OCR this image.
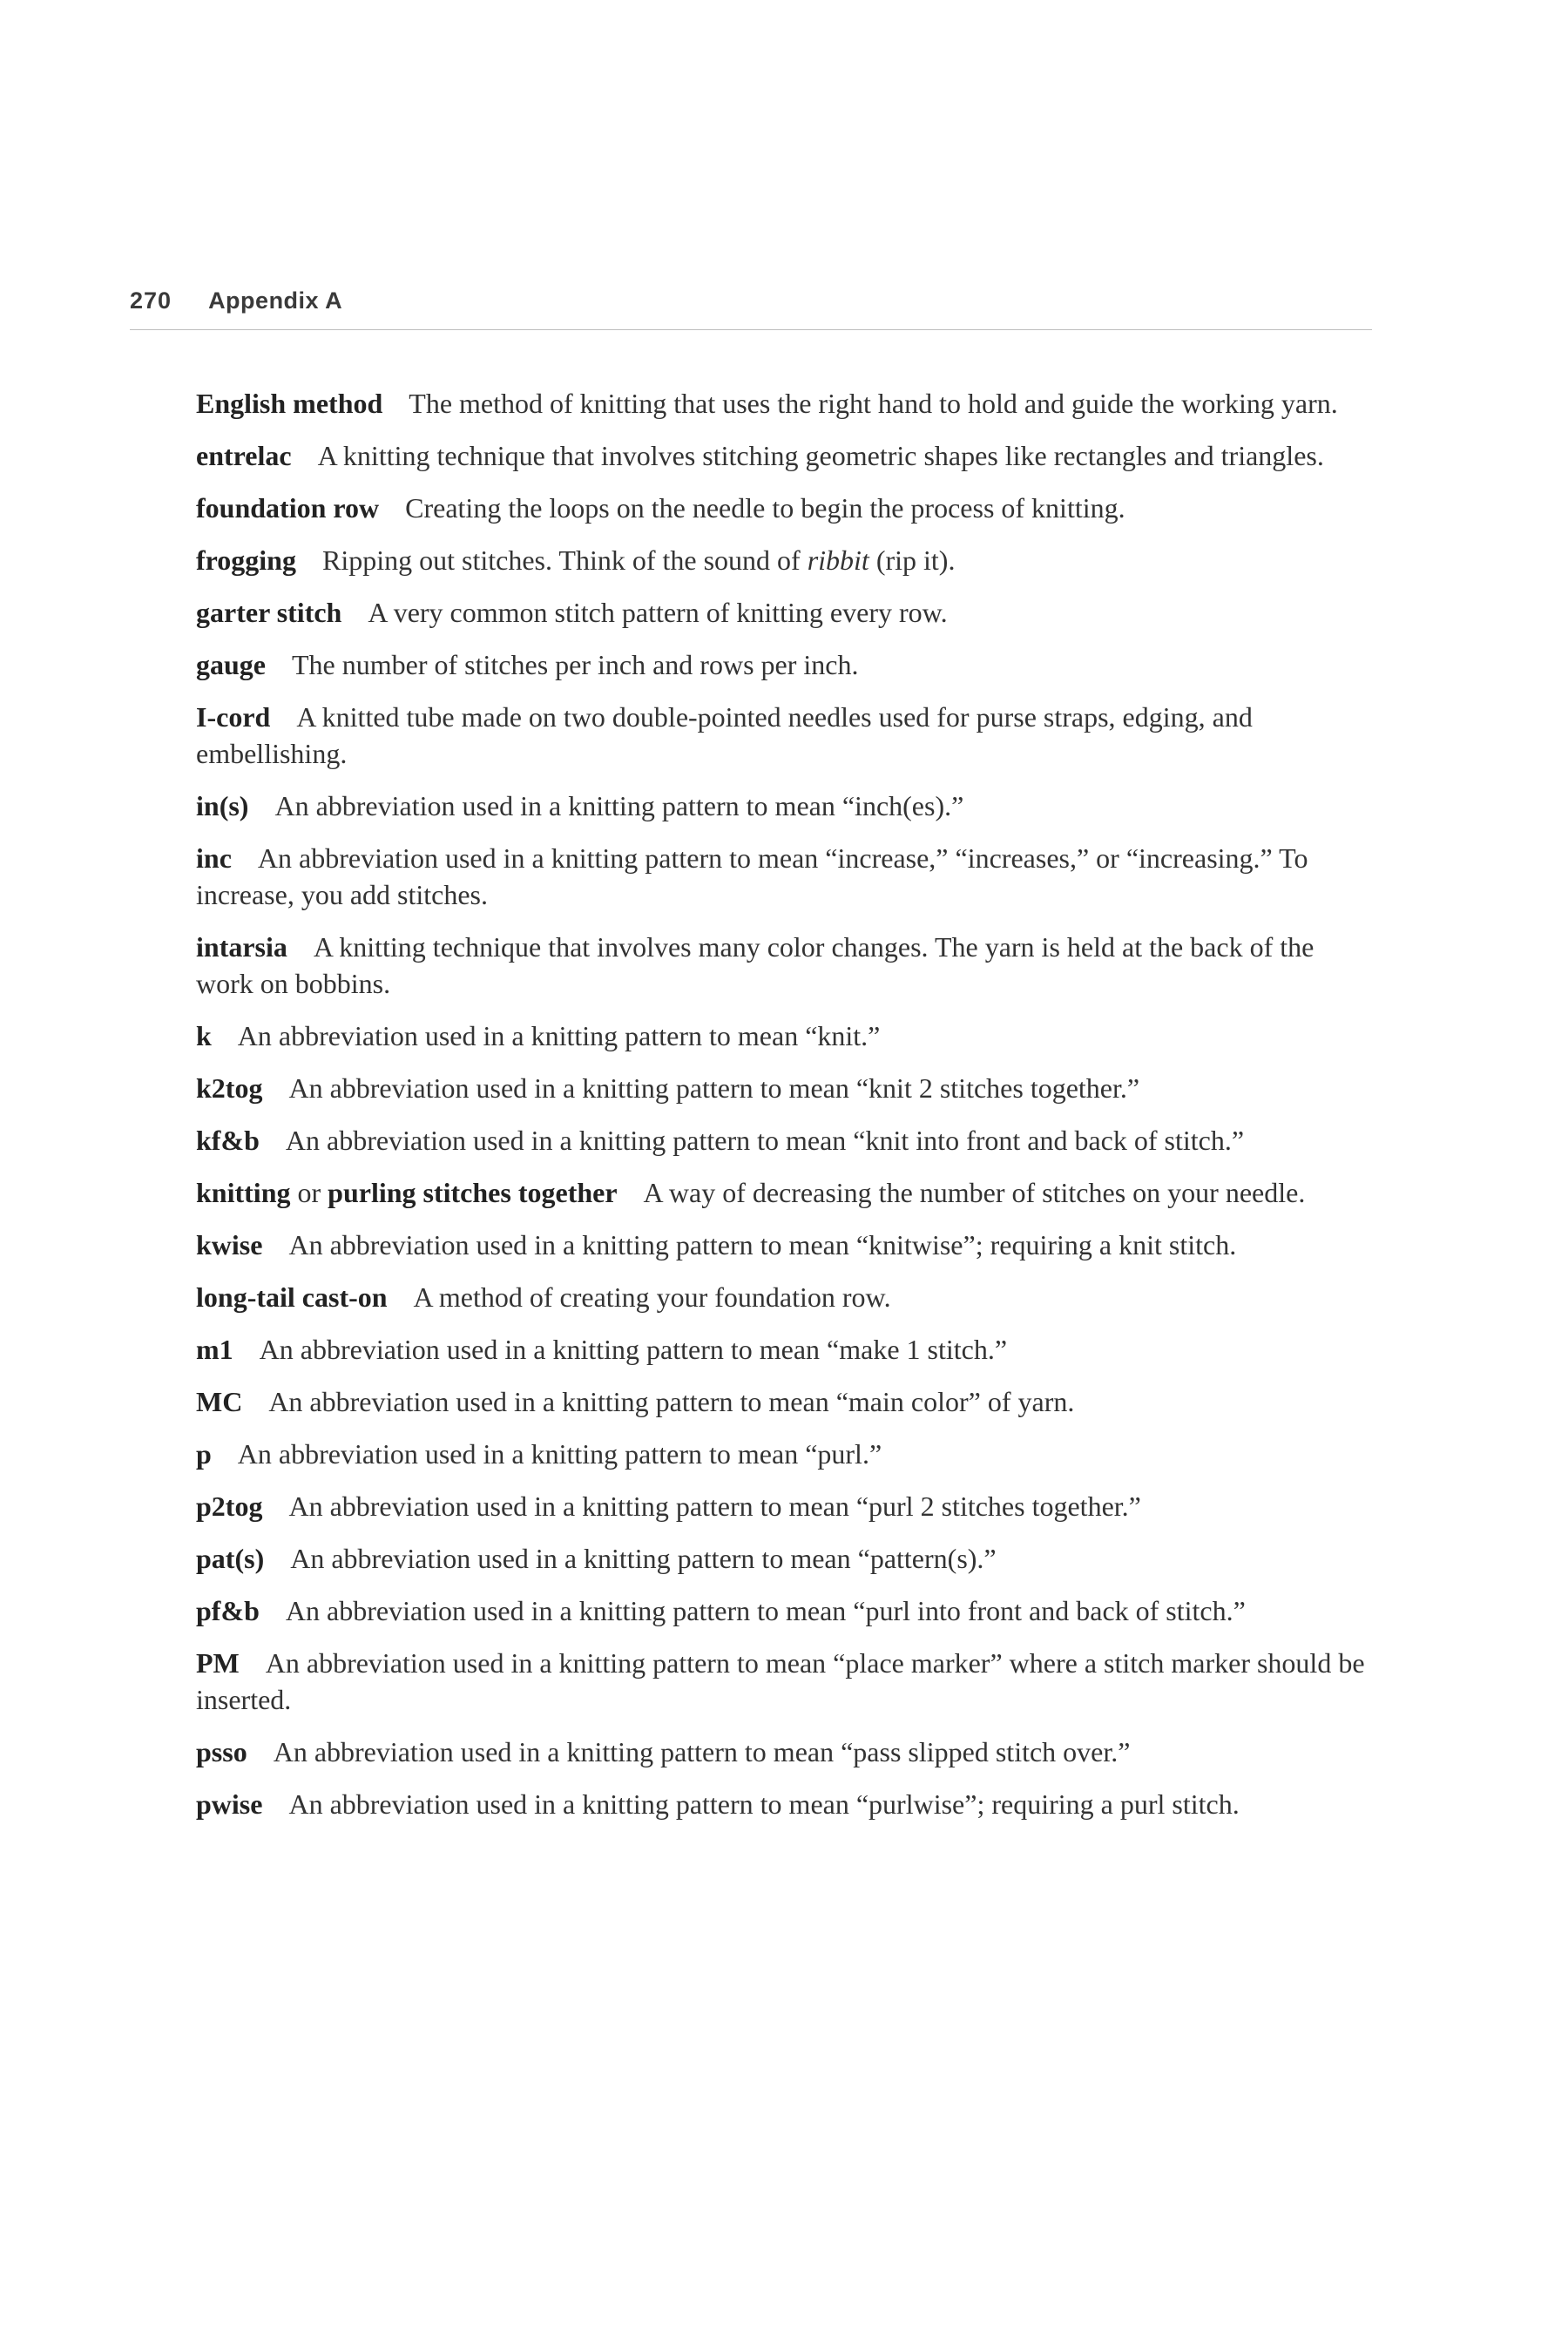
270 Appendix A

English method The method of knitting that uses the right hand to hold and guide the working yarn.

entrelac A knitting technique that involves stitching geometric shapes like rectangles and triangles.

foundation row Creating the loops on the needle to begin the process of knitting.

frogging Ripping out stitches. Think of the sound of ribbit (rip it).

garter stitch A very common stitch pattern of knitting every row.

gauge The number of stitches per inch and rows per inch.

I-cord A knitted tube made on two double-pointed needles used for purse straps, edging, and embellishing.

in(s) An abbreviation used in a knitting pattern to mean “inch(es).”

inc An abbreviation used in a knitting pattern to mean “increase,” “increases,” or “increasing.” To increase, you add stitches.

intarsia A knitting technique that involves many color changes. The yarn is held at the back of the work on bobbins.

k An abbreviation used in a knitting pattern to mean “knit.”

k2tog An abbreviation used in a knitting pattern to mean “knit 2 stitches together.”

kf&b An abbreviation used in a knitting pattern to mean “knit into front and back of stitch.”

knitting or purling stitches together A way of decreasing the number of stitches on your needle.

kwise An abbreviation used in a knitting pattern to mean “knitwise”; requiring a knit stitch.

long-tail cast-on A method of creating your foundation row.

m1 An abbreviation used in a knitting pattern to mean “make 1 stitch.”

MC An abbreviation used in a knitting pattern to mean “main color” of yarn.

p An abbreviation used in a knitting pattern to mean “purl.”

p2tog An abbreviation used in a knitting pattern to mean “purl 2 stitches together.”

pat(s) An abbreviation used in a knitting pattern to mean “pattern(s).”

pf&b An abbreviation used in a knitting pattern to mean “purl into front and back of stitch.”

PM An abbreviation used in a knitting pattern to mean “place marker” where a stitch marker should be inserted.

psso An abbreviation used in a knitting pattern to mean “pass slipped stitch over.”

pwise An abbreviation used in a knitting pattern to mean “purlwise”; requiring a purl stitch.
